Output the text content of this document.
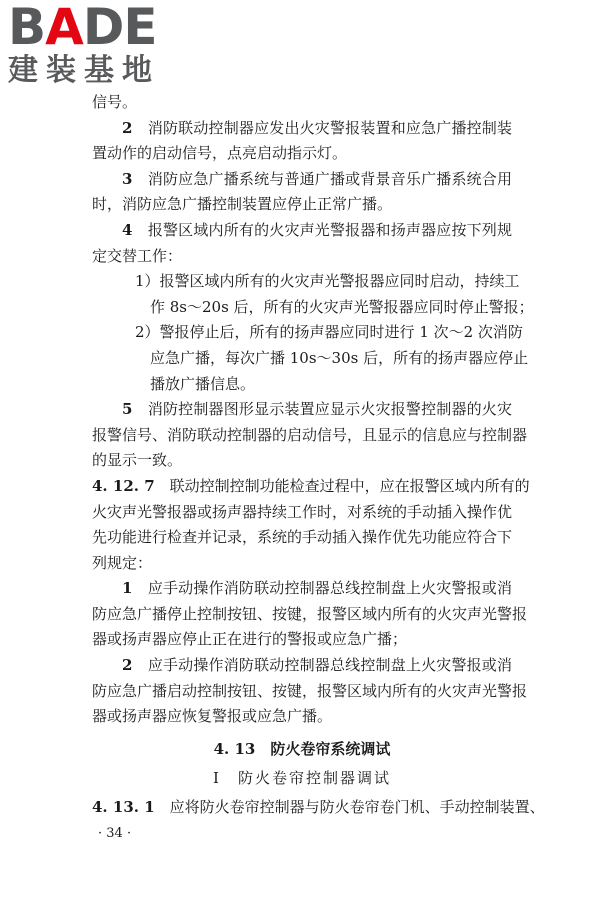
BADE
建装基地
信号。
2　 消防联动控制器应发出火灾警报装置和应急广播控制装
置动作的启动信号，点亮启动指示灯。
3　 消防应急广播系统与普通广播或背景音乐广播系统合用
时，消防应急广播控制装置应停止正常广播。
4　 报警区域内所有的火灾声光警报器和扬声器应按下列规
定交替工作：
1）报警区域内所有的火灾声光警报器应同时启动，持续工
作 8s～20s 后，所有的火灾声光警报器应同时停止警报；
2）警报停止后，所有的扬声器应同时进行 1 次～2 次消防
应急广播，每次广播 10s～30s 后，所有的扬声器应停止
播放广播信息。
5　 消防控制器图形显示装置应显示火灾报警控制器的火灾
报警信号、消防联动控制器的启动信号，且显示的信息应与控制器
的显示一致。
4. 12. 7　 联动控制控制功能检查过程中，应在报警区域内所有的
火灾声光警报器或扬声器持续工作时，对系统的手动插入操作优
先功能进行检查并记录，系统的手动插入操作优先功能应符合下
列规定：
1　 应手动操作消防联动控制器总线控制盘上火灾警报或消
防应急广播停止控制按钮、按键，报警区域内所有的火灾声光警报
器或扬声器应停止正在进行的警报或应急广播；
2　 应手动操作消防联动控制器总线控制盘上火灾警报或消
防应急广播启动控制按钮、按键，报警区域内所有的火灾声光警报
器或扬声器应恢复警报或应急广播。
4. 13　防火卷帘系统调试
Ⅰ　防火卷帘控制器调试
4. 13. 1　 应将防火卷帘控制器与防火卷帘卷门机、手动控制装置、
· 34 ·
